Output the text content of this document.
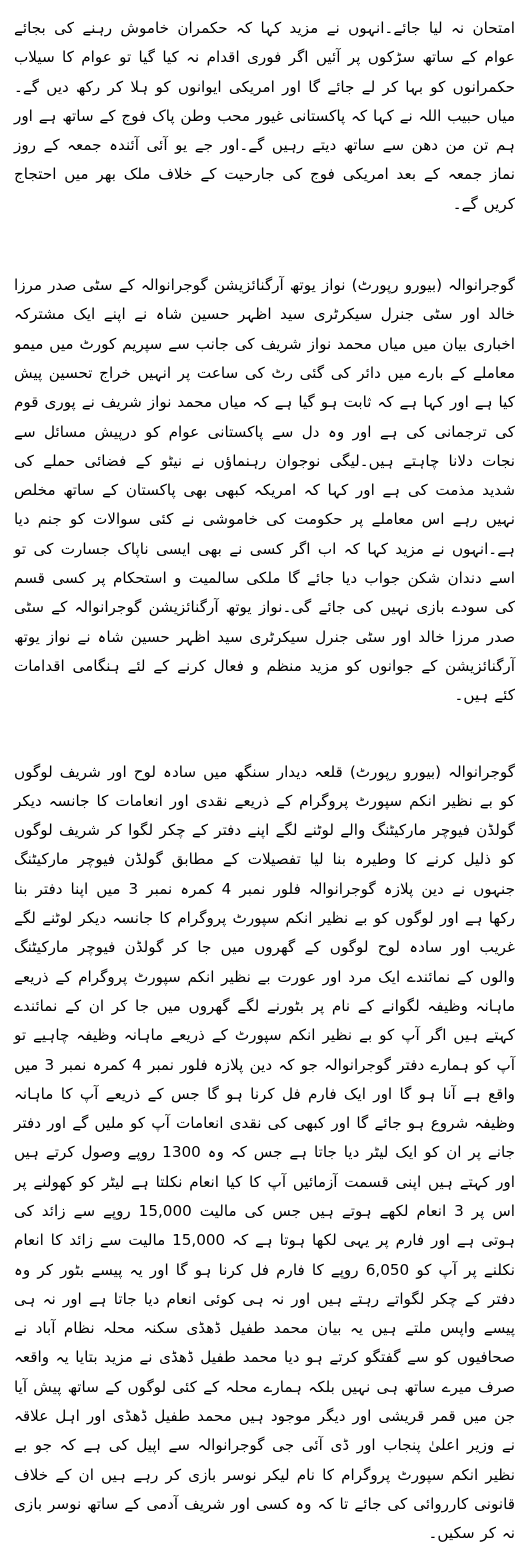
امتحان نہ لیا جائے۔انہوں نے مزید کہا کہ حکمران خاموش رہنے کی بجائے عوام کے ساتھ سڑکوں پر آئیں اگر فوری اقدام نہ کیا گیا تو عوام کا سیلاب حکمرانوں کو بہا کر لے جائے گا اور امریکی ایوانوں کو ہلا کر رکھ دیں گے۔میاں حبیب اللہ نے کہا کہ پاکستانی غیور محب وطن پاک فوج کے ساتھ ہے اور ہم تن من دھن سے ساتھ دیتے رہیں گے۔اور جے یو آئی آئندہ جمعہ کے روز نماز جمعہ کے بعد امریکی فوج کی جارحیت کے خلاف ملک بھر میں احتجاج کریں گے۔

گوجرانوالہ (بیورو رپورٹ) نواز یوتھ آرگنائزیشن گوجرانوالہ کے سٹی صدر مرزا خالد اور سٹی جنرل سیکرٹری سید اظہر حسین شاہ نے اپنے ایک مشترکہ اخباری بیان میں میاں محمد نواز شریف کی جانب سے سپریم کورٹ میں میمو معاملے کے بارے میں دائر کی گئی رٹ کی ساعت پر انہیں خراج تحسین پیش کیا ہے اور کہا ہے کہ ثابت ہو گیا ہے کہ میاں محمد نواز شریف نے پوری قوم کی ترجمانی کی ہے اور وہ دل سے پاکستانی عوام کو درپیش مسائل سے نجات دلانا چاہتے ہیں۔لیگی نوجوان رہنماؤں نے نیٹو کے فضائی حملے کی شدید مذمت کی ہے اور کہا کہ امریکہ کبھی بھی پاکستان کے ساتھ مخلص نہیں رہے اس معاملے پر حکومت کی خاموشی نے کئی سوالات کو جنم دیا ہے۔انہوں نے مزید کہا کہ اب اگر کسی نے بھی ایسی ناپاک جسارت کی تو اسے دندان شکن جواب دیا جائے گا ملکی سالمیت و استحکام پر کسی قسم کی سودے بازی نہیں کی جائے گی۔نواز یوتھ آرگنائزیشن گوجرانوالہ کے سٹی صدر مرزا خالد اور سٹی جنرل سیکرٹری سید اظہر حسین شاہ نے نواز یوتھ آرگنائزیشن کے جوانوں کو مزید منظم و فعال کرنے کے لئے ہنگامی اقدامات کئے ہیں۔

گوجرانوالہ (بیورو رپورٹ) قلعہ دیدار سنگھ میں سادہ لوح اور شریف لوگوں کو بے نظیر انکم سپورٹ پروگرام کے ذریعے نقدی اور انعامات کا جانسہ دیکر گولڈن فیوچر مارکیٹنگ والے لوٹنے لگے اپنے دفتر کے چکر لگوا کر شریف لوگوں کو ذلیل کرنے کا وطیرہ بنا لیا تفصیلات کے مطابق گولڈن فیوچر مارکیٹنگ جنہوں نے دین پلازہ گوجرانوالہ فلور نمبر 4 کمرہ نمبر 3 میں اپنا دفتر بنا رکھا ہے اور لوگوں کو بے نظیر انکم سپورٹ پروگرام کا جانسہ دیکر لوٹنے لگے غریب اور سادہ لوح لوگوں کے گھروں میں جا کر گولڈن فیوچر مارکیٹنگ والوں کے نمائندے ایک مرد اور عورت بے نظیر انکم سپورٹ پروگرام کے ذریعے ماہانہ وظیفہ لگوانے کے نام پر بٹورنے لگے گھروں میں جا کر ان کے نمائندے کہتے ہیں اگر آپ کو بے نظیر انکم سپورٹ کے ذریعے ماہانہ وظیفہ چاہیے تو آپ کو ہمارے دفتر گوجرانوالہ جو کہ دین پلازہ فلور نمبر 4 کمرہ نمبر 3 میں واقع ہے آنا ہو گا اور ایک فارم فل کرنا ہو گا جس کے ذریعے آپ کا ماہانہ وظیفہ شروع ہو جائے گا اور کبھی کی نقدی انعامات آپ کو ملیں گے اور دفتر جانے پر ان کو ایک لیٹر دیا جاتا ہے جس کہ وہ 1300 روپے وصول کرتے ہیں اور کہتے ہیں اپنی قسمت آزمائیں آپ کا کیا انعام نکلتا ہے لیٹر کو کھولنے پر اس پر 3 انعام لکھے ہوتے ہیں جس کی مالیت 15,000 روپے سے زائد کی ہوتی ہے اور فارم پر یہی لکھا ہوتا ہے کہ 15,000 مالیت سے زائد کا انعام نکلنے پر آپ کو 6,050 روپے کا فارم فل کرنا ہو گا اور یہ پیسے بٹور کر وہ دفتر کے چکر لگواتے رہتے ہیں اور نہ ہی کوئی انعام دیا جاتا ہے اور نہ ہی پیسے واپس ملتے ہیں یہ بیان محمد طفیل ڈھڈی سکنہ محلہ نظام آباد نے صحافیوں کو سے گفتگو کرتے ہو دیا محمد طفیل ڈھڈی نے مزید بتایا یہ واقعہ صرف میرے ساتھ ہی نہیں بلکہ ہمارے محلہ کے کئی لوگوں کے ساتھ پیش آیا جن میں قمر قریشی اور دیگر موجود ہیں محمد طفیل ڈھڈی اور اہل علاقہ نے وزیر اعلیٰ پنجاب اور ڈی آئی جی گوجرانوالہ سے اپیل کی ہے کہ جو بے نظیر انکم سپورٹ پروگرام کا نام لیکر نوسر بازی کر رہے ہیں ان کے خلاف قانونی کارروائی کی جائے تا کہ وہ کسی اور شریف آدمی کے ساتھ نوسر بازی نہ کر سکیں۔
